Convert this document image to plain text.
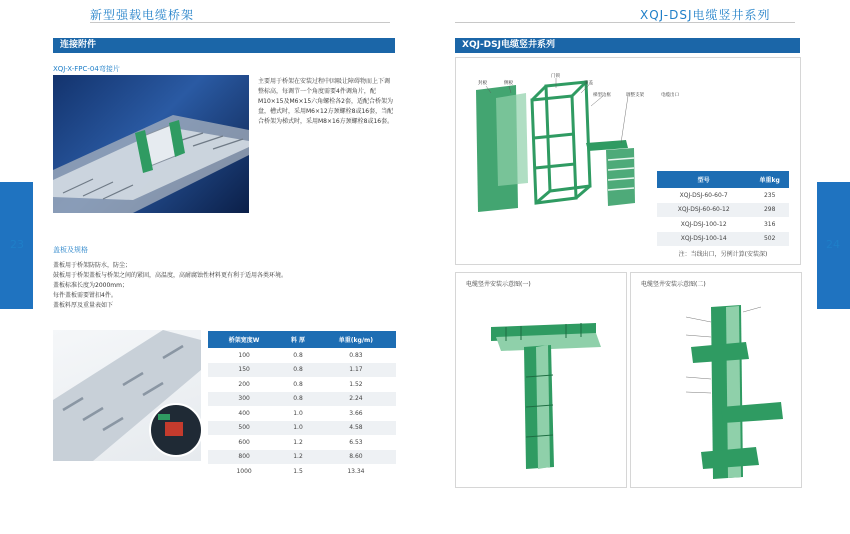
新型强载电缆桥架	XQJ-DSJ电缆竖井系列
23	24
连接附件
XQJ-X-FPC-04弯接片
主要用于桥架在安装过程中因吸让障碍物而上下调整标高，每调节一个角度需要4件调角片，配M10×15及M6×15六角螺栓各2套，适配合桥架为盘，槽式时，采用M6×12方颈螺栓8或16套，当配合桥架为梯式时，采用M8×16方颈螺栓8或16套。
盖板及规格
盖板用于桥架防防水，防尘；
鼓板用于桥架盖板与桥架之间的紧固，高温度，高耐腐蚀性材料更有利于适用各类环境。
盖板标准长度为2000mm；
每件盖板需要钳扣4件。
盖板料厚及重量表如下
桥架宽度W	料 厚	单重(kg/m)
100	0.8	0.83
150	0.8	1.17
200	0.8	1.52
300	0.8	2.24
400	1.0	3.66
500	1.0	4.58
600	1.2	6.53
800	1.2	8.60
1000	1.5	13.34
XQJ-DSJ电缆竖井系列
封板	侧板
门锁
顶盖
梯型边框	调整支架	电缆出口
型号	单重kg
XQJ-DSJ-60-60-7	235
XQJ-DSJ-60-60-12	298
XQJ-DSJ-100-12	316
XQJ-DSJ-100-14	502
注：当线出口，另例计算(安装深)	
电缆竖井安装示意图(一)	电缆竖井安装示意图(二)
